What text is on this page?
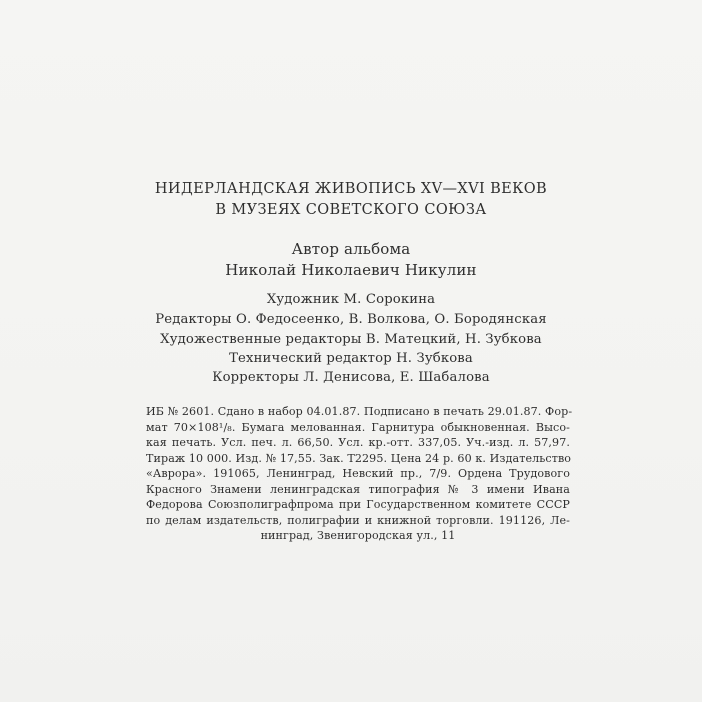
НИДЕРЛАНДСКАЯ ЖИВОПИСЬ XV—XVI ВЕКОВ
В МУЗЕЯХ СОВЕТСКОГО СОЮЗА
Автор альбома
Николай Николаевич Никулин
Художник М. Сорокина
Редакторы О. Федосеенко, В. Волкова, О. Бородянская
Художественные редакторы В. Матецкий, Н. Зубкова
Технический редактор Н. Зубкова
Корректоры Л. Денисова, Е. Шабалова
ИБ № 2601. Сдано в набор 04.01.87. Подписано в печать 29.01.87. Фор-
мат 70×108¹/₈. Бумага мелованная. Гарнитура обыкновенная. Высо-
кая печать. Усл. печ. л. 66,50. Усл. кр.-отт. 337,05. Уч.-изд. л. 57,97.
Тираж 10 000. Изд. № 17,55. Зак. Т2295. Цена 24 р. 60 к. Издательство
«Аврора». 191065, Ленинград, Невский пр., 7/9. Ордена Трудового
Красного Знамени ленинградская типография № 3 имени Ивана
Федорова Союзполиграфпрома при Государственном комитете СССР
по делам издательств, полиграфии и книжной торговли. 191126, Ле-
нинград, Звенигородская ул., 11
